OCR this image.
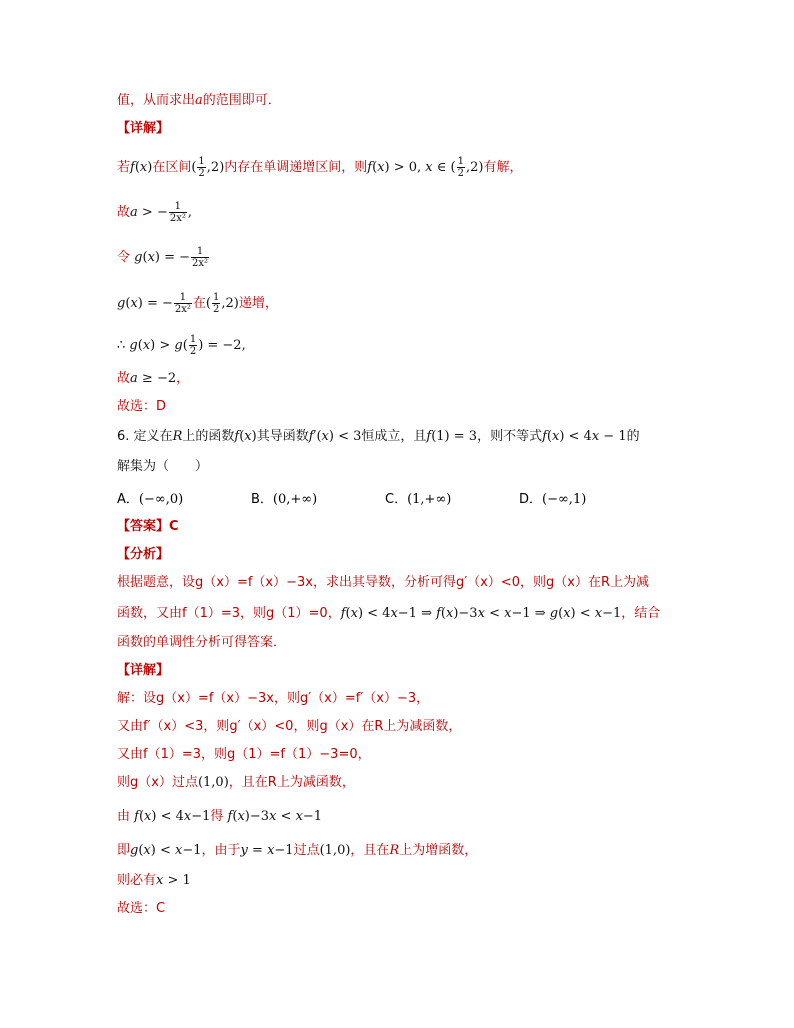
值，从而求出a的范围即可．
【详解】
若f(x)在区间( $\frac{1}{2} ,2$)内存在单调递增区间，则f(x) > 0, x ∈ ( $\frac{1}{2} ,2$)有解，
故a > − $\frac{1}{\text{2x²}}$ ,
令 g(x) = − $\frac{1}{\text{2x²}}$
g(x) = − $\frac{1}{\text{2x²}}$ 在( $\frac{1}{2} ,2$)递增，
∴ $g(x) > g( \frac{1}{2}$ ) = −2,
故a ≥ −2，
故选：D
6. 定义在R上的函数f(x)其导函数f′(x) < 3恒成立，且f(1) = 3，则不等式f(x) < 4x − 1的
解集为（　　）
A．(−∞,0)	B．(0,+∞)	C．(1,+∞)	D．(−∞,1)
【答案】C
【分析】
根据题意，设g（x）=f（x）−3x，求出其导数，分析可得g′（x）<0，则g（x）在R上为减
函数，又由f（1）=3，则g（1）=0，f(x) < 4x−1 ⇒ f(x)−3x < x−1 ⇒ g(x) < x−1，结合
函数的单调性分析可得答案．
【详解】
解：设g（x）=f（x）−3x，则g′（x）=f′（x）−3，
又由f′（x）<3，则g′（x）<0，则g（x）在R上为减函数，
又由f（1）=3，则g（1）=f（1）−3=0，
则g（x）过点(1,0)，且在R上为减函数，
由 f(x) < 4x−1得 f(x)−3x < x−1
即g(x) < x−1，由于y = x−1过点(1,0)，且在R上为增函数，
则必有x > 1
故选：C
